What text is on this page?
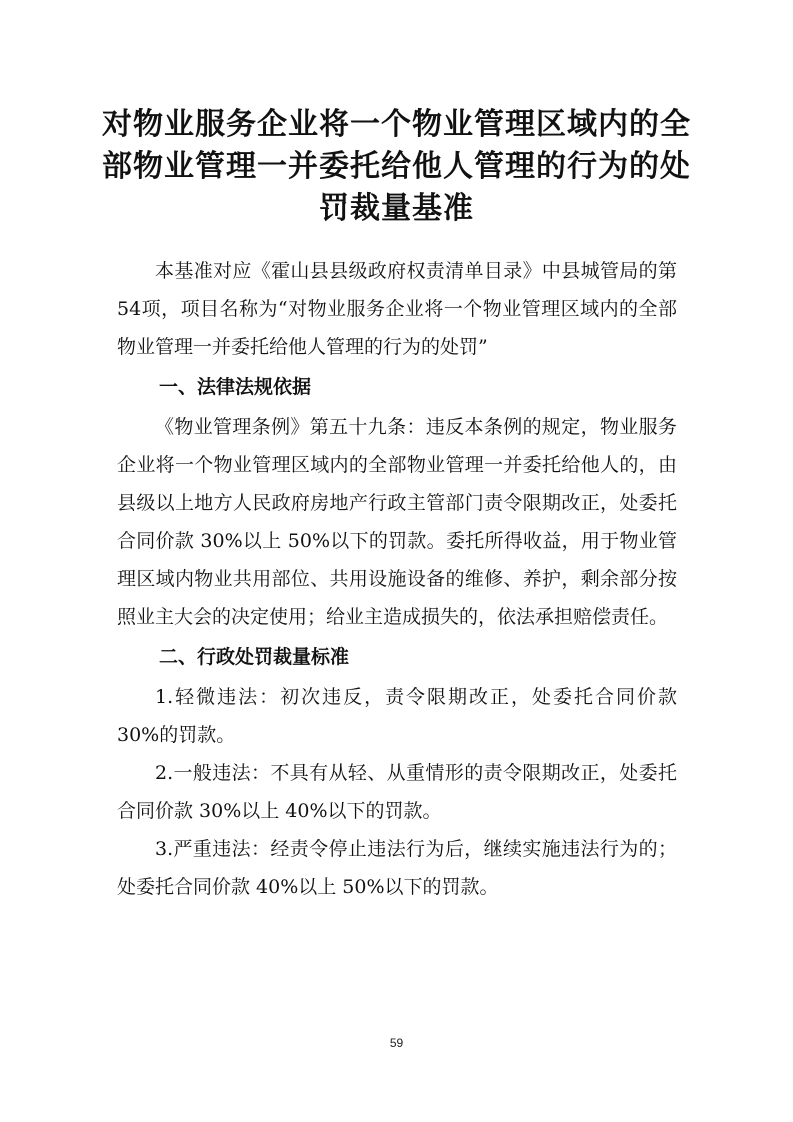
对物业服务企业将一个物业管理区域内的全
部物业管理一并委托给他人管理的行为的处
罚裁量基准

本基准对应《霍山县县级政府权责清单目录》中县城管局的第 54项，项目名称为“对物业服务企业将一个物业管理区域内的全部物业管理一并委托给他人管理的行为的处罚”

一、法律法规依据

《物业管理条例》第五十九条：违反本条例的规定，物业服务企业将一个物业管理区域内的全部物业管理一并委托给他人的，由县级以上地方人民政府房地产行政主管部门责令限期改正，处委托合同价款 30%以上 50%以下的罚款。委托所得收益，用于物业管理区域内物业共用部位、共用设施设备的维修、养护，剩余部分按照业主大会的决定使用；给业主造成损失的，依法承担赔偿责任。

二、行政处罚裁量标准

1.轻微违法：初次违反，责令限期改正，处委托合同价款 30%的罚款。

2.一般违法：不具有从轻、从重情形的责令限期改正，处委托合同价款 30%以上 40%以下的罚款。

3.严重违法：经责令停止违法行为后，继续实施违法行为的；处委托合同价款 40%以上 50%以下的罚款。

59
